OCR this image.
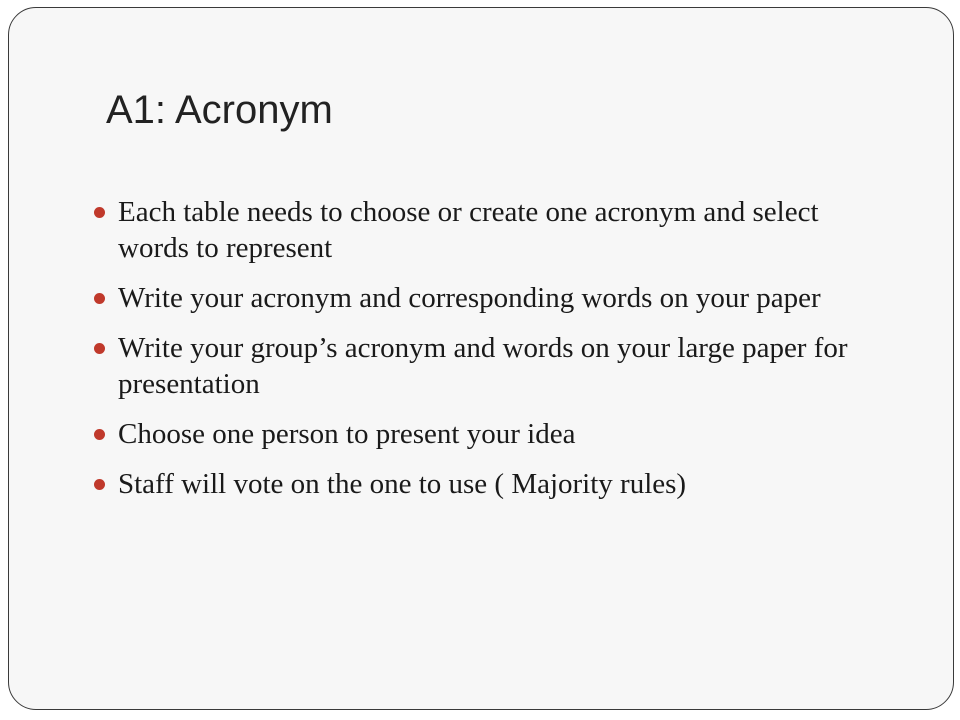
A1: Acronym
Each table needs to choose or create one acronym and select words to represent
Write your acronym and corresponding words on your paper
Write your group’s acronym and words on your large paper for presentation
Choose one person to present your idea
Staff will vote on the one to use ( Majority rules)
